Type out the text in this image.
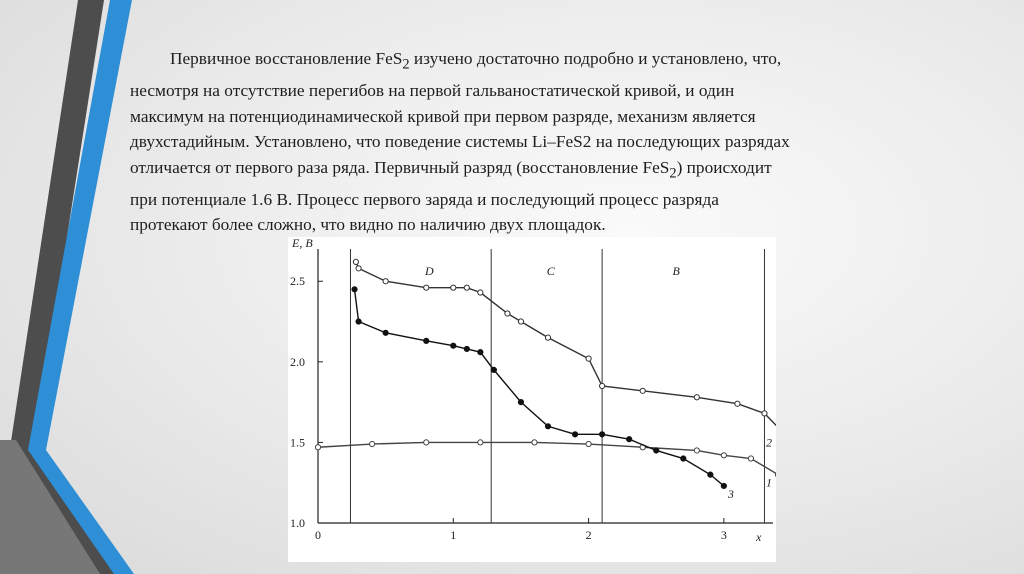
Первичное восстановление FeS$_2$ изучено достаточно подробно и установлено, что,

несмотря на отсутствие перегибов на первой гальваностатической кривой, и один
максимум на потенциодинамической кривой при первом разряде, механизм является
двухстадийным. Установлено, что поведение системы Li–FeS2 на последующих разрядах
отличается от первого раза ряда. Первичный разряд (восстановление FeS$_2$) происходит
при потенциале 1.6 В. Процесс первого заряда и последующий процесс разряда
протекают более сложно, что видно по наличию двух площадок.
E, B
x
1.0
1.5
2.0
2.5
0	1	2	3
D	C	B
1
2
3
